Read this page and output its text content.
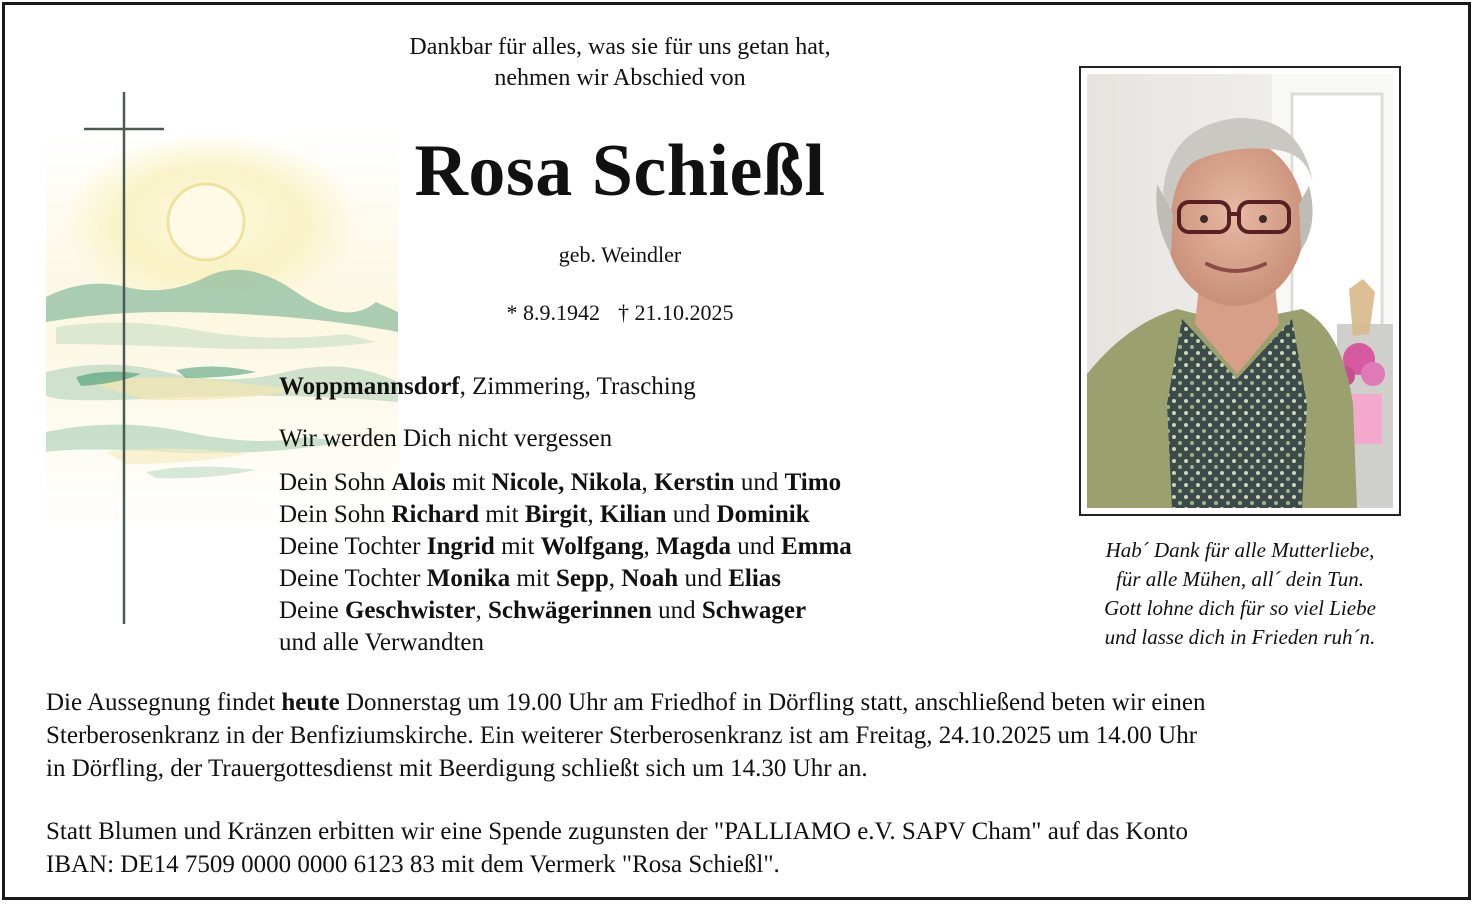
Dankbar für alles, was sie für uns getan hat,
nehmen wir Abschied von
Rosa Schießl
geb. Weindler
* 8.9.1942 † 21.10.2025
Woppmannsdorf, Zimmering, Trasching
Wir werden Dich nicht vergessen
Dein Sohn Alois mit Nicole, Nikola, Kerstin und Timo
Dein Sohn Richard mit Birgit, Kilian und Dominik
Deine Tochter Ingrid mit Wolfgang, Magda und Emma
Deine Tochter Monika mit Sepp, Noah und Elias
Deine Geschwister, Schwägerinnen und Schwager
und alle Verwandten
Hab´ Dank für alle Mutterliebe,
für alle Mühen, all´ dein Tun.
Gott lohne dich für so viel Liebe
und lasse dich in Frieden ruh´n.
Die Aussegnung findet heute Donnerstag um 19.00 Uhr am Friedhof in Dörfling statt, anschließend beten wir einen
Sterberosenkranz in der Benfiziumskirche. Ein weiterer Sterberosenkranz ist am Freitag, 24.10.2025 um 14.00 Uhr
in Dörfling, der Trauergottesdienst mit Beerdigung schließt sich um 14.30 Uhr an.
Statt Blumen und Kränzen erbitten wir eine Spende zugunsten der "PALLIAMO e.V. SAPV Cham" auf das Konto
IBAN: DE14 7509 0000 0000 6123 83 mit dem Vermerk "Rosa Schießl".
